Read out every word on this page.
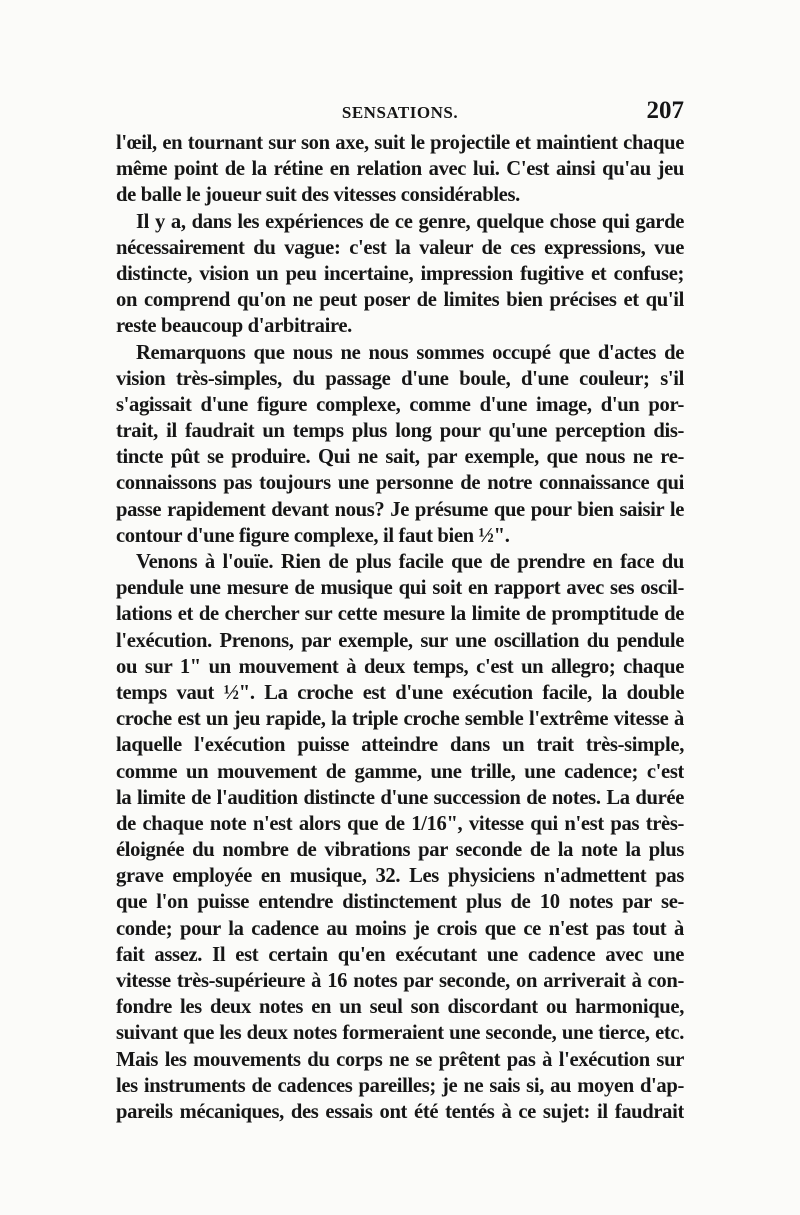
SENSATIONS.	207
l'œil, en tournant sur son axe, suit le projectile et maintient chaque
même point de la rétine en relation avec lui. C'est ainsi qu'au jeu
de balle le joueur suit des vitesses considérables.
Il y a, dans les expériences de ce genre, quelque chose qui garde
nécessairement du vague: c'est la valeur de ces expressions, vue
distincte, vision un peu incertaine, impression fugitive et confuse;
on comprend qu'on ne peut poser de limites bien précises et qu'il
reste beaucoup d'arbitraire.
Remarquons que nous ne nous sommes occupé que d'actes de
vision très-simples, du passage d'une boule, d'une couleur; s'il
s'agissait d'une figure complexe, comme d'une image, d'un por-
trait, il faudrait un temps plus long pour qu'une perception dis-
tincte pût se produire. Qui ne sait, par exemple, que nous ne re-
connaissons pas toujours une personne de notre connaissance qui
passe rapidement devant nous? Je présume que pour bien saisir le
contour d'une figure complexe, il faut bien ½".
Venons à l'ouïe. Rien de plus facile que de prendre en face du
pendule une mesure de musique qui soit en rapport avec ses oscil-
lations et de chercher sur cette mesure la limite de promptitude de
l'exécution. Prenons, par exemple, sur une oscillation du pendule
ou sur 1" un mouvement à deux temps, c'est un allegro; chaque
temps vaut ½". La croche est d'une exécution facile, la double
croche est un jeu rapide, la triple croche semble l'extrême vitesse à
laquelle l'exécution puisse atteindre dans un trait très-simple,
comme un mouvement de gamme, une trille, une cadence; c'est
la limite de l'audition distincte d'une succession de notes. La durée
de chaque note n'est alors que de 1/16", vitesse qui n'est pas très-
éloignée du nombre de vibrations par seconde de la note la plus
grave employée en musique, 32. Les physiciens n'admettent pas
que l'on puisse entendre distinctement plus de 10 notes par se-
conde; pour la cadence au moins je crois que ce n'est pas tout à
fait assez. Il est certain qu'en exécutant une cadence avec une
vitesse très-supérieure à 16 notes par seconde, on arriverait à con-
fondre les deux notes en un seul son discordant ou harmonique,
suivant que les deux notes formeraient une seconde, une tierce, etc.
Mais les mouvements du corps ne se prêtent pas à l'exécution sur
les instruments de cadences pareilles; je ne sais si, au moyen d'ap-
pareils mécaniques, des essais ont été tentés à ce sujet: il faudrait
